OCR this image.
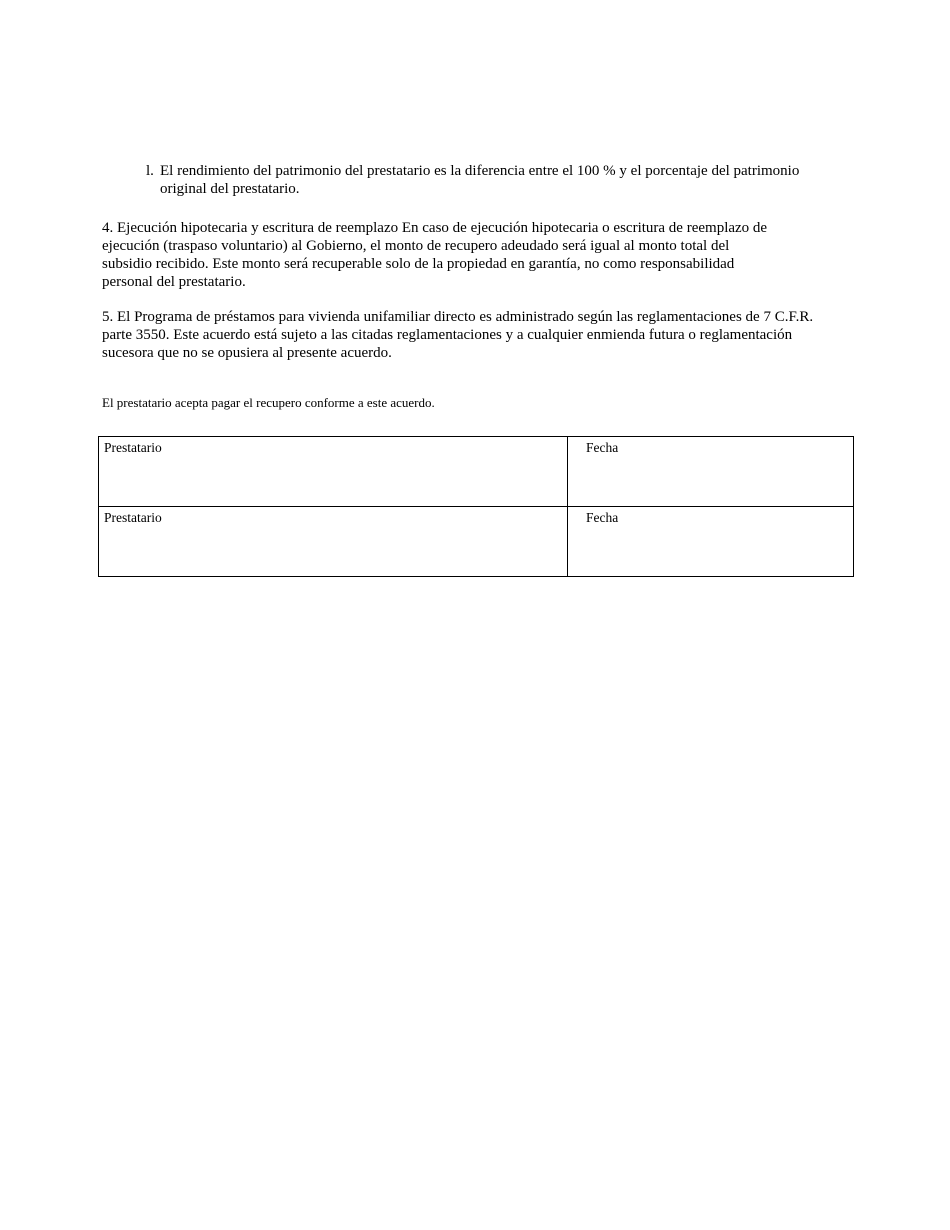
l. El rendimiento del patrimonio del prestatario es la diferencia entre el 100 % y el porcentaje del patrimonio original del prestatario.
4. Ejecución hipotecaria y escritura de reemplazo En caso de ejecución hipotecaria o escritura de reemplazo de
ejecución (traspaso voluntario) al Gobierno, el monto de recupero adeudado será igual al monto total del
subsidio recibido. Este monto será recuperable solo de la propiedad en garantía, no como responsabilidad
personal del prestatario.
5. El Programa de préstamos para vivienda unifamiliar directo es administrado según las reglamentaciones de 7 C.F.R.
parte 3550. Este acuerdo está sujeto a las citadas reglamentaciones y a cualquier enmienda futura o reglamentación
sucesora que no se opusiera al presente acuerdo.
El prestatario acepta pagar el recupero conforme a este acuerdo.
Prestatario	Fecha
Prestatario	Fecha
